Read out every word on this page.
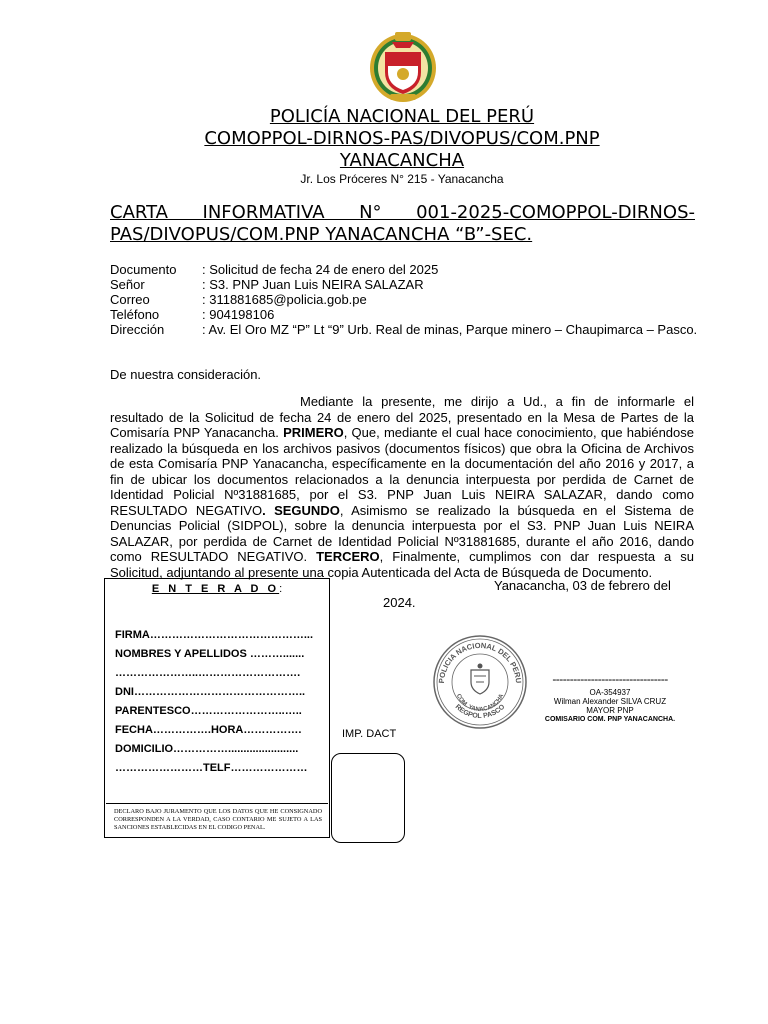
POLICÍA NACIONAL DEL PERÚ
COMOPPOL-DIRNOS-PAS/DIVOPUS/COM.PNP
YANACANCHA
Jr. Los Próceres N° 215 - Yanacancha
CARTA INFORMATIVA N° 001-2025-COMOPPOL-DIRNOS-PAS/DIVOPUS/COM.PNP YANACANCHA “B”-SEC.
Documento	: Solicitud de fecha 24 de enero del 2025
Señor	: S3. PNP Juan Luis NEIRA SALAZAR
Correo	: 311881685@policia.gob.pe
Teléfono	: 904198106
Dirección	: Av. El Oro MZ “P” Lt “9” Urb. Real de minas, Parque minero – Chaupimarca – Pasco.
De nuestra consideración.
Mediante la presente, me dirijo a Ud., a fin de informarle el resultado de la Solicitud de fecha 24 de enero del 2025, presentado en la Mesa de Partes de la Comisaría PNP Yanacancha. PRIMERO, Que, mediante el cual hace conocimiento, que habiéndose realizado la búsqueda en los archivos pasivos (documentos físicos) que obra la Oficina de Archivos de esta Comisaría PNP Yanacancha, específicamente en la documentación del año 2016 y 2017, a fin de ubicar los documentos relacionados a la denuncia interpuesta por perdida de Carnet de Identidad Policial Nº31881685, por el S3. PNP Juan Luis NEIRA SALAZAR, dando como RESULTADO NEGATIVO. SEGUNDO, Asimismo se realizado la búsqueda en el Sistema de Denuncias Policial (SIDPOL), sobre la denuncia interpuesta por el S3. PNP Juan Luis NEIRA SALAZAR, por perdida de Carnet de Identidad Policial Nº31881685, durante el año 2016, dando como RESULTADO NEGATIVO. TERCERO, Finalmente, cumplimos con dar respuesta a su Solicitud, adjuntando al presente una copia Autenticada del Acta de Búsqueda de Documento.
E N T E R A D O:
FIRMA……………………………………...
NOMBRES Y APELLIDOS ……….......
…………………..……………………….
DNI………………………………………..
PARENTESCO……………………..…..
FECHA…………….HORA…………….
DOMICILIO…………….......................
……………………TELF…………………
DECLARO BAJO JURAMENTO QUE LOS DATOS QUE HE CONSIGNADO CORRESPONDEN A LA VERDAD, CASO CONTARIO ME SUJETO A LAS SANCIONES ESTABLECIDAS EN EL CODIGO PENAL.
Yanacancha, 03 de febrero del
2024.
IMP. DACT
POLICIA NACIONAL DEL PERU
COM. YANACANCHA
REGPOL PASCO
---------------------------------
OA-354937
Wilman Alexander SILVA CRUZ
MAYOR PNP
COMISARIO COM. PNP YANACANCHA.
